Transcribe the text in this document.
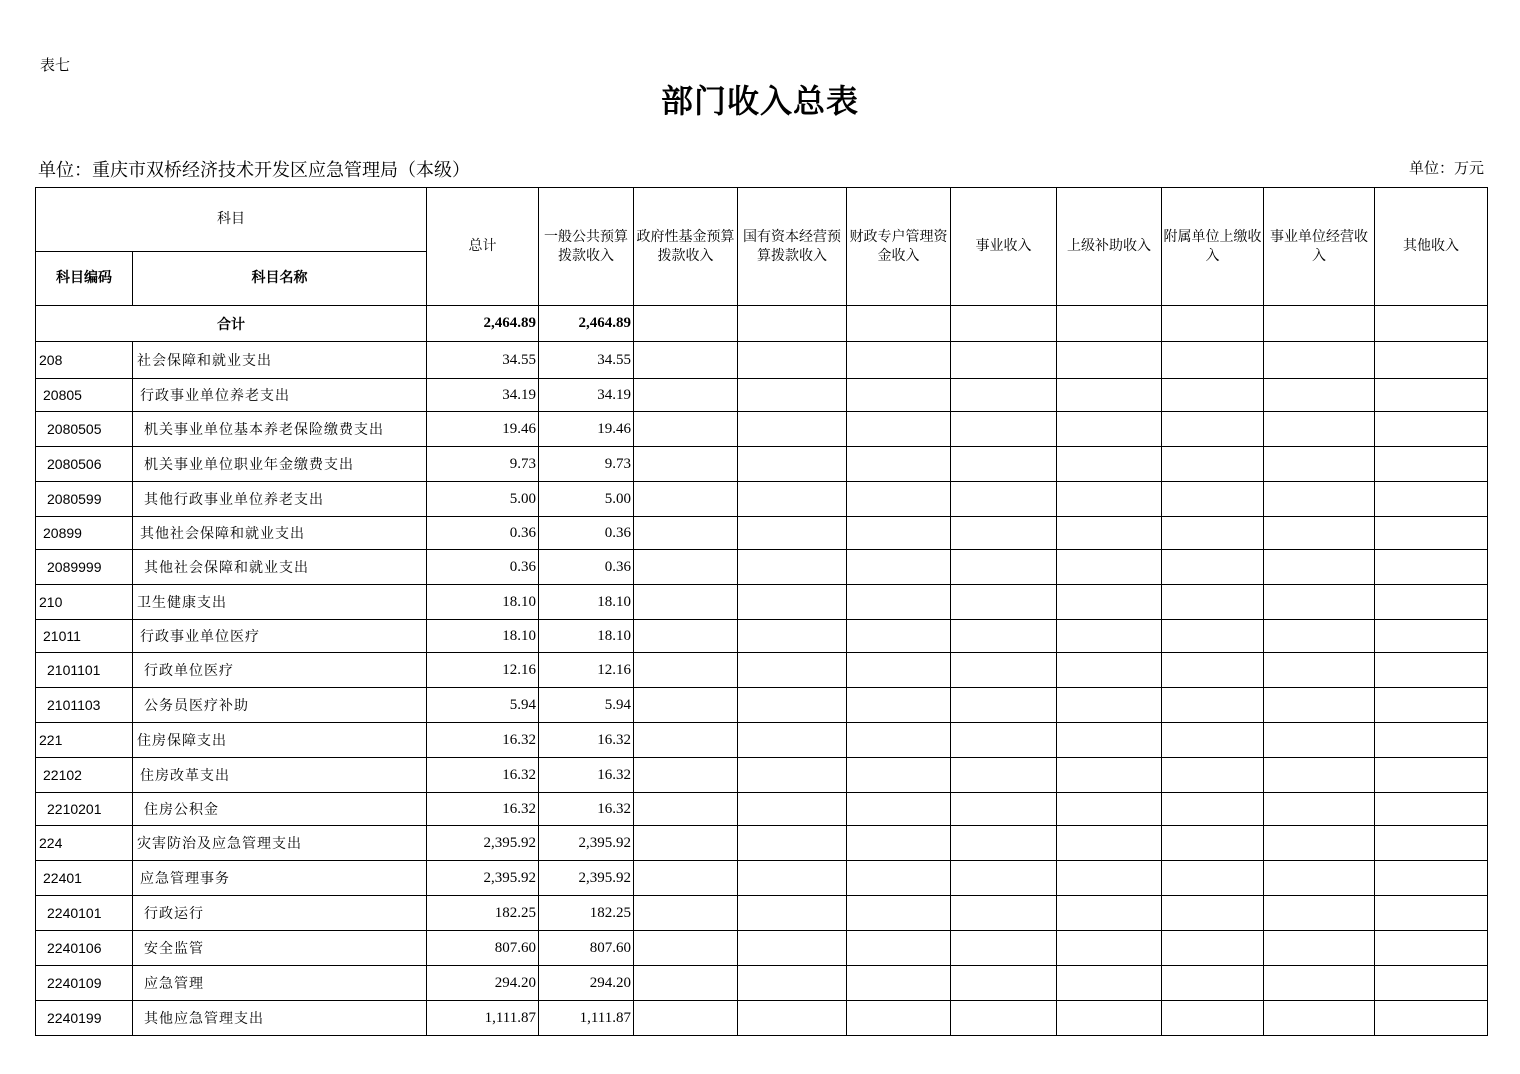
表七
部门收入总表
单位：重庆市双桥经济技术开发区应急管理局（本级）	单位：万元
科目		总计	一般公共预算拨款收入	政府性基金预算拨款收入	国有资本经营预算拨款收入	财政专户管理资金收入	事业收入	上级补助收入	附属单位上缴收入	事业单位经营收入	其他收入
科目编码	科目名称										
合计		2,464.89	2,464.89								
208	社会保障和就业支出	34.55	34.55								
20805	行政事业单位养老支出	34.19	34.19								
2080505	机关事业单位基本养老保险缴费支出	19.46	19.46								
2080506	机关事业单位职业年金缴费支出	9.73	9.73								
2080599	其他行政事业单位养老支出	5.00	5.00								
20899	其他社会保障和就业支出	0.36	0.36								
2089999	其他社会保障和就业支出	0.36	0.36								
210	卫生健康支出	18.10	18.10								
21011	行政事业单位医疗	18.10	18.10								
2101101	行政单位医疗	12.16	12.16								
2101103	公务员医疗补助	5.94	5.94								
221	住房保障支出	16.32	16.32								
22102	住房改革支出	16.32	16.32								
2210201	住房公积金	16.32	16.32								
224	灾害防治及应急管理支出	2,395.92	2,395.92								
22401	应急管理事务	2,395.92	2,395.92								
2240101	行政运行	182.25	182.25								
2240106	安全监管	807.60	807.60								
2240109	应急管理	294.20	294.20								
2240199	其他应急管理支出	1,111.87	1,111.87								
